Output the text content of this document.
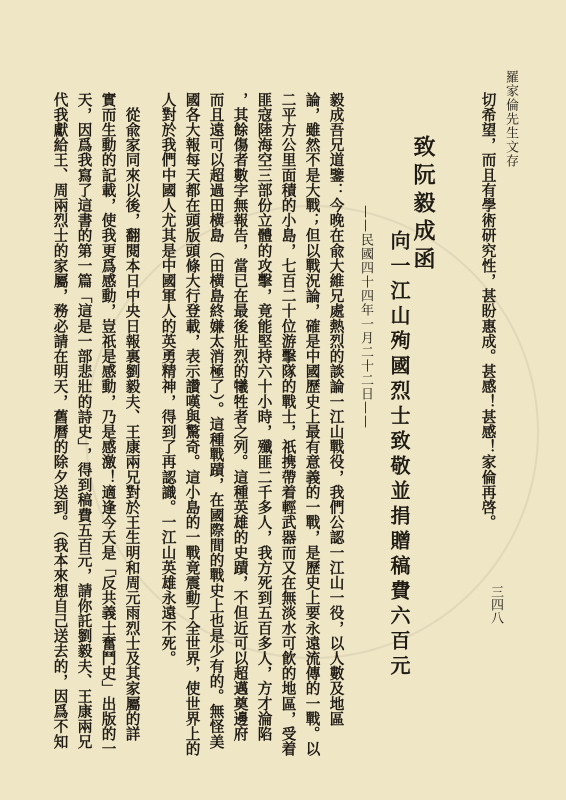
羅家倫先生文存
三四八
切希望，而且有學術研究性，甚盼惠成。甚感！甚感！家倫再啓。
致阮毅成函
向一江山殉國烈士致敬並捐贈稿費六百元
——民國四十四年一月二十二日——
毅成吾兄道鑒：今晚在兪大維兄處熱烈的談論一江山戰役，我們公認一江山一役，以人數及地區
論，雖然不是大戰；但以戰況論，確是中國歷史上最有意義的一戰，是歷史上要永遠流傳的一戰。以
二平方公里面積的小島，七百二十位游擊隊的戰士，祇携帶着輕武器而又在無淡水可飮的地區，受着
匪寇陸海空三部份立體的攻擊，竟能堅持六十小時，殲匪二千多人，我方死到五百多人，方才淪陷
，其餘傷者數字無報告，當已在最後壯烈的犧牲者之列。這種英雄的史蹟，不但近可以超邁奠邊府
而且遠可以超過田横島（田横島終嫌太消極了）。這種戰蹟，在國際間的戰史上也是少有的。無怪美
國各大報每天都在頭版頭條大行登載，表示讚嘆與驚奇。這小島的一戰竟震動了全世界，使世界上的
人對於我們中國人尤其是中國軍人的英勇精神，得到了再認識。一江山英雄永遠不死。
　從兪家同來以後，翻閱本日中央日報裏劉毅夫、王康兩兄對於王生明和周元雨烈士及其家屬的詳
實而生動的記載，使我更爲感動，豈祇是感動，乃是感激！適逢今天是「反共義士奮鬥史」出版的一
天，因爲我寫了這書的第一篇「這是一部悲壯的詩史」，得到稿費五百元，請你託劉毅夫、王康兩兄
代我獻給王、周兩烈士的家屬，務必請在明天，舊曆的除夕送到。（我本來想自己送去的，因爲不知
